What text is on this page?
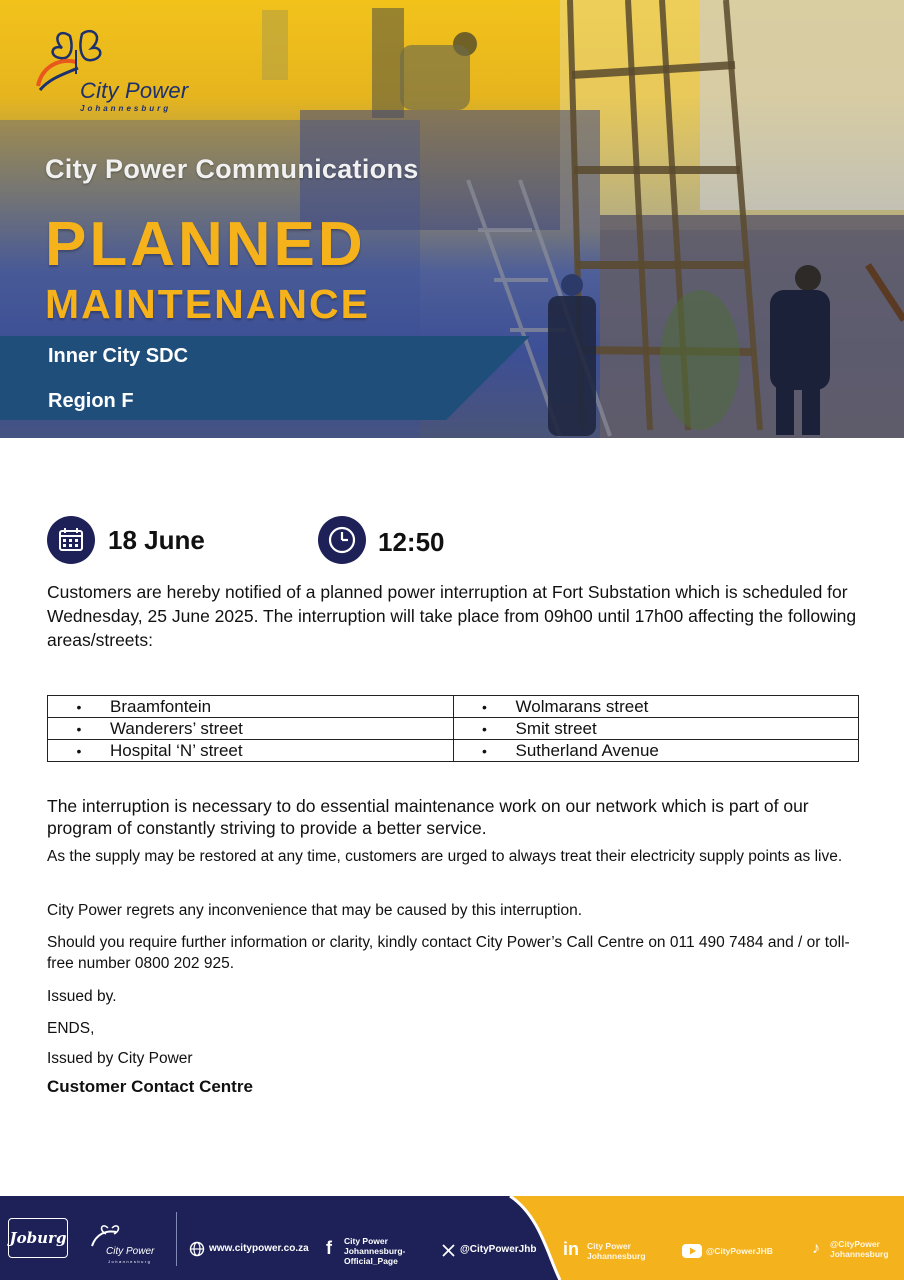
City Power
Johannesburg
City Power Communications
PLANNED
MAINTENANCE
Inner City SDC
Region F
18 June	12:50
Customers are hereby notified of a planned power interruption at Fort Substation which is scheduled for Wednesday, 25 June 2025. The interruption will take place from 09h00 until 17h00 affecting the following areas/streets:
• Braamfontein	• Wolmarans street

• Wanderers’ street	• Smit street

• Hospital ‘N’ street	• Sutherland Avenue
The interruption is necessary to do essential maintenance work on our network which is part of our program of constantly striving to provide a better service.
As the supply may be restored at any time, customers are urged to always treat their electricity supply points as live.
City Power regrets any inconvenience that may be caused by this interruption.
Should you require further information or clarity, kindly contact City Power’s Call Centre on 011 490 7484 and / or toll-free number 0800 202 925.
Issued by.
ENDS,
Issued by City Power
Customer Contact Centre
Joburg
City Power
Johannesburg
www.citypower.co.za f City Power
Johannesburg-
Official_Page
@CityPowerJhb in City Power
Johannesburg	@CityPowerJHB ♪ @CityPower
Johannesburg
